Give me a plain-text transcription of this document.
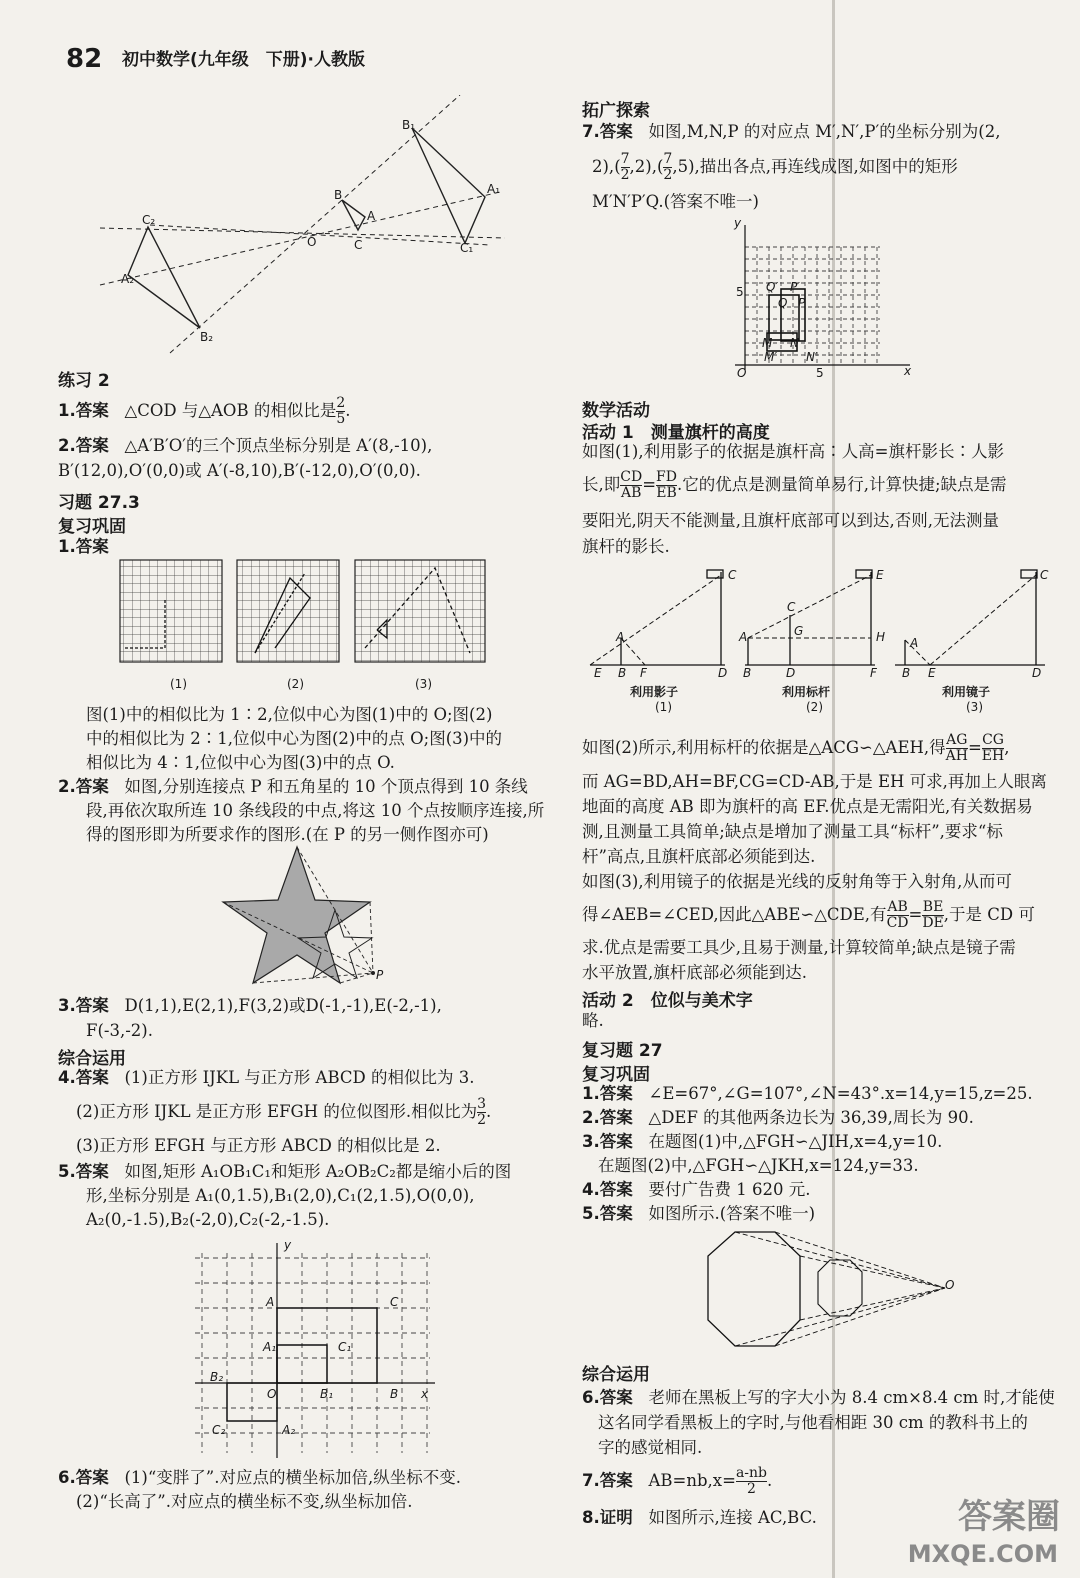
82 初中数学(九年级　下册)·人教版
B₁
B	A₁
C₂	A
O	C	C₁
A₂
B₂
练习 2
1.答案 △COD 与△AOB 的相似比是 $\frac{2}{5}$ .
2.答案 △A′B′O′的三个顶点坐标分别是 A′(8,-10),
B′(12,0),O′(0,0)或 A′(-8,10),B′(-12,0),O′(0,0).
习题 27.3
复习巩固
1.答案
(1)	(2)	(3)
图(1)中的相似比为 1∶2,位似中心为图(1)中的 O;图(2)
中的相似比为 2∶1,位似中心为图(2)中的点 O;图(3)中的
相似比为 4∶1,位似中心为图(3)中的点 O.
2.答案 如图,分别连接点 P 和五角星的 10 个顶点得到 10 条线
段,再依次取所连 10 条线段的中点,将这 10 个点按顺序连接,所
得的图形即为所要求作的图形.(在 P 的另一侧作图亦可)
P
3.答案 D(1,1),E(2,1),F(3,2)或D(-1,-1),E(-2,-1),
F(-3,-2).
综合运用
4.答案 (1)正方形 IJKL 与正方形 ABCD 的相似比为 3.
(2)正方形 IJKL 是正方形 EFGH 的位似图形.相似比为 $\frac{3}{2}$ .
(3)正方形 EFGH 与正方形 ABCD 的相似比是 2.
5.答案 如图,矩形 A₁OB₁C₁和矩形 A₂OB₂C₂都是缩小后的图
形,坐标分别是 A₁(0,1.5),B₁(2,0),C₁(2,1.5),O(0,0),
A₂(0,-1.5),B₂(-2,0),C₂(-2,-1.5).
y
A	C
A₁	C₁
B₂
O	B₁	B x
C₂	A₂
6.答案 (1)“变胖了”.对应点的横坐标加倍,纵坐标不变.
(2)“长高了”.对应点的横坐标不变,纵坐标加倍.
拓广探索
7.答案 如图,M,N,P 的对应点 M′,N′,P′的坐标分别为(2,
$2),( \frac{7}{2} ,2),( \frac{7}{2} ,5)$,描出各点,再连线成图,如图中的矩形
M′N′P′Q.(答案不唯一)
y
5 Q′ P′
Q P
M N
M′ N′
O	5	x
数学活动
活动 1　测量旗杆的高度
如图(1),利用影子的依据是旗杆高∶人高=旗杆影长∶人影
长,即 $\frac{CD}{AB} = \frac{FD}{EB}$ .它的优点是测量简单易行,计算快捷;缺点是需
要阳光,阴天不能测量,且旗杆底部可以到达,否则,无法测量
旗杆的影长.
A
C
E B F	D
A
C
G
E
H
B	D	F
A
C
B E	D
利用影子
(1)
利用标杆
(2)
利用镜子
(3)
如图(2)所示,利用标杆的依据是△ACG∽△AEH,得 $\frac{AG}{AH} = \frac{CG}{EH}$ ,
而 AG=BD,AH=BF,CG=CD-AB,于是 EH 可求,再加上人眼离
地面的高度 AB 即为旗杆的高 EF.优点是无需阳光,有关数据易
测,且测量工具简单;缺点是增加了测量工具“标杆”,要求“标
杆”高点,且旗杆底部必须能到达.
如图(3),利用镜子的依据是光线的反射角等于入射角,从而可
得∠AEB=∠CED,因此△ABE∽△CDE,有 $\frac{AB}{CD} = \frac{BE}{DE}$ ,于是 CD 可
求.优点是需要工具少,且易于测量,计算较简单;缺点是镜子需
水平放置,旗杆底部必须能到达.
活动 2　位似与美术字
略.
复习题 27
复习巩固
1.答案 ∠E=67°,∠G=107°,∠N=43°.x=14,y=15,z=25.
2.答案 △DEF 的其他两条边长为 36,39,周长为 90.
3.答案 在题图(1)中,△FGH∽△JIH,x=4,y=10.
在题图(2)中,△FGH∽△JKH,x=124,y=33.
4.答案 要付广告费 1 620 元.
5.答案 如图所示.(答案不唯一)
O
综合运用
6.答案 老师在黑板上写的字大小为 8.4 cm×8.4 cm 时,才能使
这名同学看黑板上的字时,与他看相距 30 cm 的教科书上的
字的感觉相同.
7.答案 $AB=nb,x= \frac{a-nb}{2}$ .
8.证明 如图所示,连接 AC,BC.	答案圈
MXQE.COM
